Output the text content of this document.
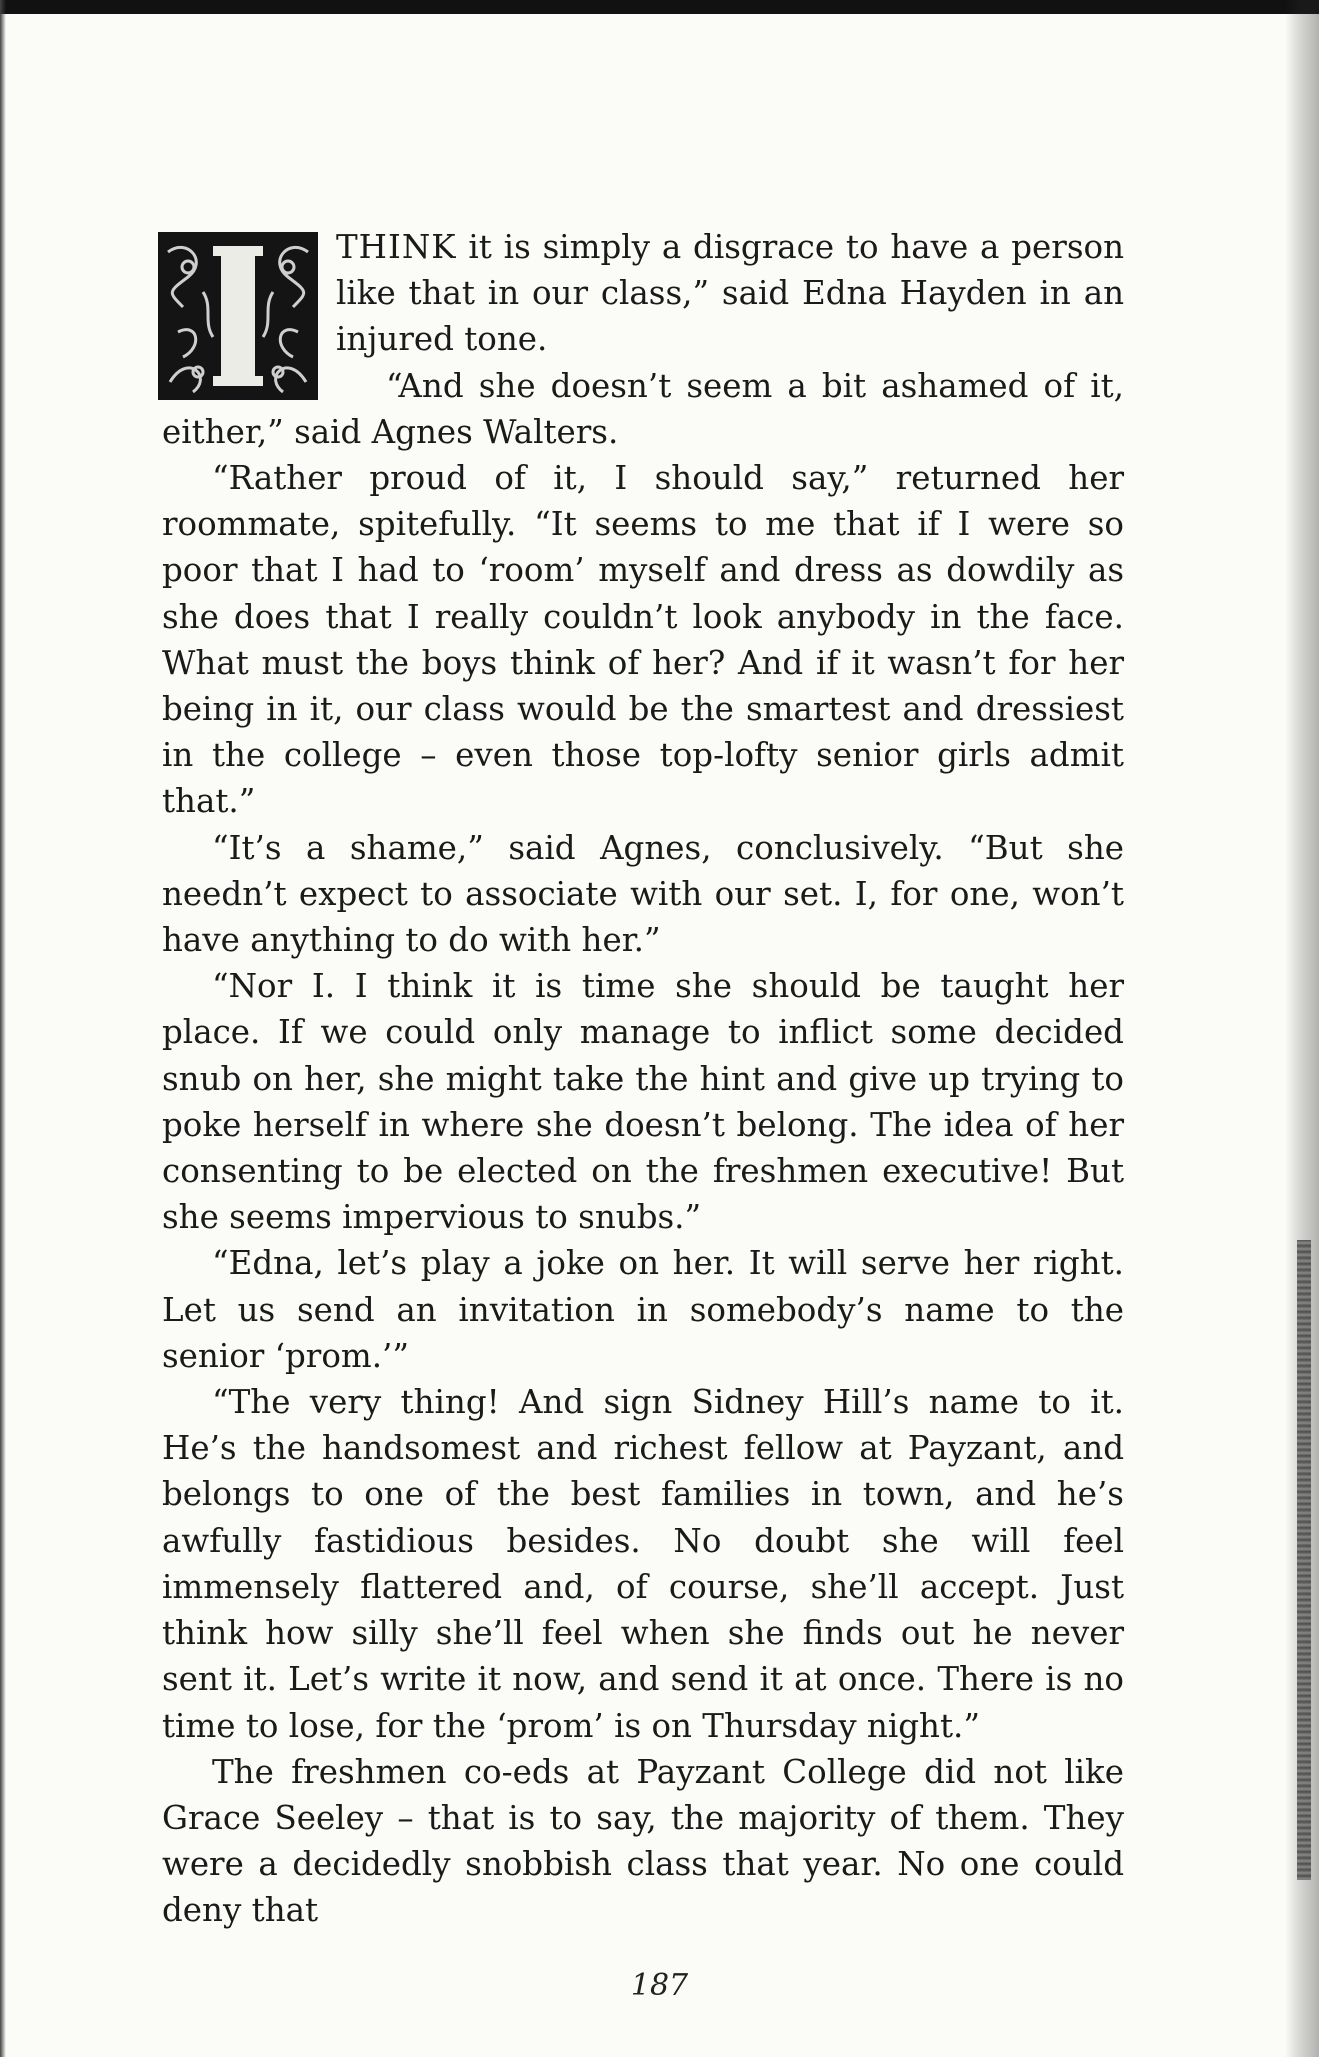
THINK it is simply a disgrace to have a person like that in our class,” said Edna Hayden in an injured tone.

“And she doesn’t seem a bit ashamed of it, either,” said Agnes Walters.

“Rather proud of it, I should say,” returned her roommate, spitefully. “It seems to me that if I were so poor that I had to ‘room’ myself and dress as dowdily as she does that I really couldn’t look anybody in the face. What must the boys think of her? And if it wasn’t for her being in it, our class would be the smartest and dressiest in the college – even those top-lofty senior girls admit that.”

“It’s a shame,” said Agnes, conclusively. “But she needn’t expect to associate with our set. I, for one, won’t have anything to do with her.”

“Nor I. I think it is time she should be taught her place. If we could only manage to inflict some decided snub on her, she might take the hint and give up trying to poke herself in where she doesn’t belong. The idea of her consenting to be elected on the freshmen executive! But she seems impervious to snubs.”

“Edna, let’s play a joke on her. It will serve her right. Let us send an invitation in somebody’s name to the senior ‘prom.’”

“The very thing! And sign Sidney Hill’s name to it. He’s the handsomest and richest fellow at Payzant, and belongs to one of the best families in town, and he’s awfully fastidious besides. No doubt she will feel immensely flattered and, of course, she’ll accept. Just think how silly she’ll feel when she finds out he never sent it. Let’s write it now, and send it at once. There is no time to lose, for the ‘prom’ is on Thursday night.”

The freshmen co-eds at Payzant College did not like Grace Seeley – that is to say, the majority of them. They were a decidedly snobbish class that year. No one could deny that

187
